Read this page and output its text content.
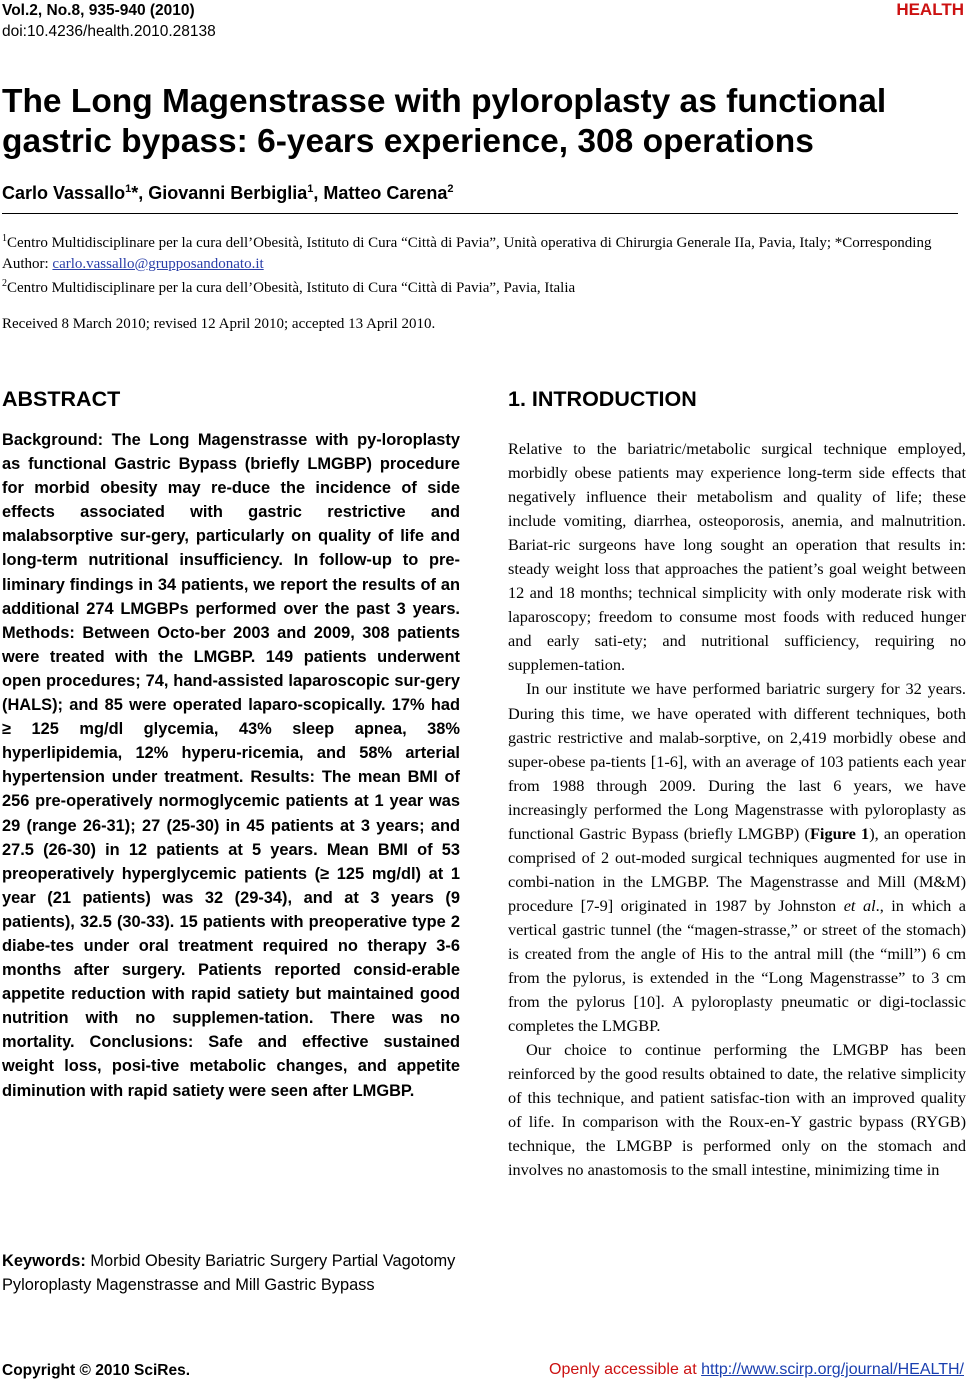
Vol.2, No.8, 935-940 (2010)
doi:10.4236/health.2010.28138
HEALTH
The Long Magenstrasse with pyloroplasty as functional gastric bypass: 6-years experience, 308 operations
Carlo Vassallo$^1$*, Giovanni Berbiglia$^1$, Matteo Carena$^2$
$^1$Centro Multidisciplinare per la cura dell’Obesità, Istituto di Cura “Città di Pavia”, Unità operativa di Chirurgia Generale IIa, Pavia, Italy; *Corresponding Author: carlo.vassallo@grupposandonato.it
$^2$Centro Multidisciplinare per la cura dell’Obesità, Istituto di Cura “Città di Pavia”, Pavia, Italia
Received 8 March 2010; revised 12 April 2010; accepted 13 April 2010.
ABSTRACT

Background: The Long Magenstrasse with py-loroplasty as functional Gastric Bypass (briefly LMGBP) procedure for morbid obesity may re-duce the incidence of side effects associated with gastric restrictive and malabsorptive sur-gery, particularly on quality of life and long-term nutritional insufficiency. In follow-up to pre-liminary findings in 34 patients, we report the results of an additional 274 LMGBPs performed over the past 3 years. Methods: Between Octo-ber 2003 and 2009, 308 patients were treated with the LMGBP. 149 patients underwent open procedures; 74, hand-assisted laparoscopic sur-gery (HALS); and 85 were operated laparo-scopically. 17% had ≥ 125 mg/dl glycemia, 43% sleep apnea, 38% hyperlipidemia, 12% hyperu-ricemia, and 58% arterial hypertension under treatment. Results: The mean BMI of 256 pre-operatively normoglycemic patients at 1 year was 29 (range 26-31); 27 (25-30) in 45 patients at 3 years; and 27.5 (26-30) in 12 patients at 5 years. Mean BMI of 53 preoperatively hyperglycemic patients (≥ 125 mg/dl) at 1 year (21 patients) was 32 (29-34), and at 3 years (9 patients), 32.5 (30-33). 15 patients with preoperative type 2 diabe-tes under oral treatment required no therapy 3-6 months after surgery. Patients reported consid-erable appetite reduction with rapid satiety but maintained good nutrition with no supplemen-tation. There was no mortality. Conclusions: Safe and effective sustained weight loss, posi-tive metabolic changes, and appetite diminution with rapid satiety were seen after LMGBP.

Keywords: Morbid Obesity Bariatric Surgery Partial Vagotomy Pyloroplasty Magenstrasse and Mill Gastric Bypass

1. INTRODUCTION

Relative to the bariatric/metabolic surgical technique employed, morbidly obese patients may experience long-term side effects that negatively influence their metabolism and quality of life; these include vomiting, diarrhea, osteoporosis, anemia, and malnutrition. Bariat-ric surgeons have long sought an operation that results in: steady weight loss that approaches the patient’s goal weight between 12 and 18 months; technical simplicity with only moderate risk with laparoscopy; freedom to consume most foods with reduced hunger and early sati-ety; and nutritional sufficiency, requiring no supplemen-tation.

In our institute we have performed bariatric surgery for 32 years. During this time, we have operated with different techniques, both gastric restrictive and malab-sorptive, on 2,419 morbidly obese and super-obese pa-tients [1-6], with an average of 103 patients each year from 1988 through 2009. During the last 6 years, we have increasingly performed the Long Magenstrasse with pyloroplasty as functional Gastric Bypass (briefly LMGBP) (Figure 1), an operation comprised of 2 out-moded surgical techniques augmented for use in combi-nation in the LMGBP. The Magenstrasse and Mill (M&M) procedure [7-9] originated in 1987 by Johnston et al., in which a vertical gastric tunnel (the “magen-strasse,” or street of the stomach) is created from the angle of His to the antral mill (the “mill”) 6 cm from the pylorus, is extended in the “Long Magenstrasse” to 3 cm from the pylorus [10]. A pyloroplasty pneumatic or digi-toclassic completes the LMGBP.

Our choice to continue performing the LMGBP has been reinforced by the good results obtained to date, the relative simplicity of this technique, and patient satisfac-tion with an improved quality of life. In comparison with the Roux-en-Y gastric bypass (RYGB) technique, the LMGBP is performed only on the stomach and involves no anastomosis to the small intestine, minimizing time in

Copyright © 2010 SciRes.	Openly accessible at http://www.scirp.org/journal/HEALTH/
